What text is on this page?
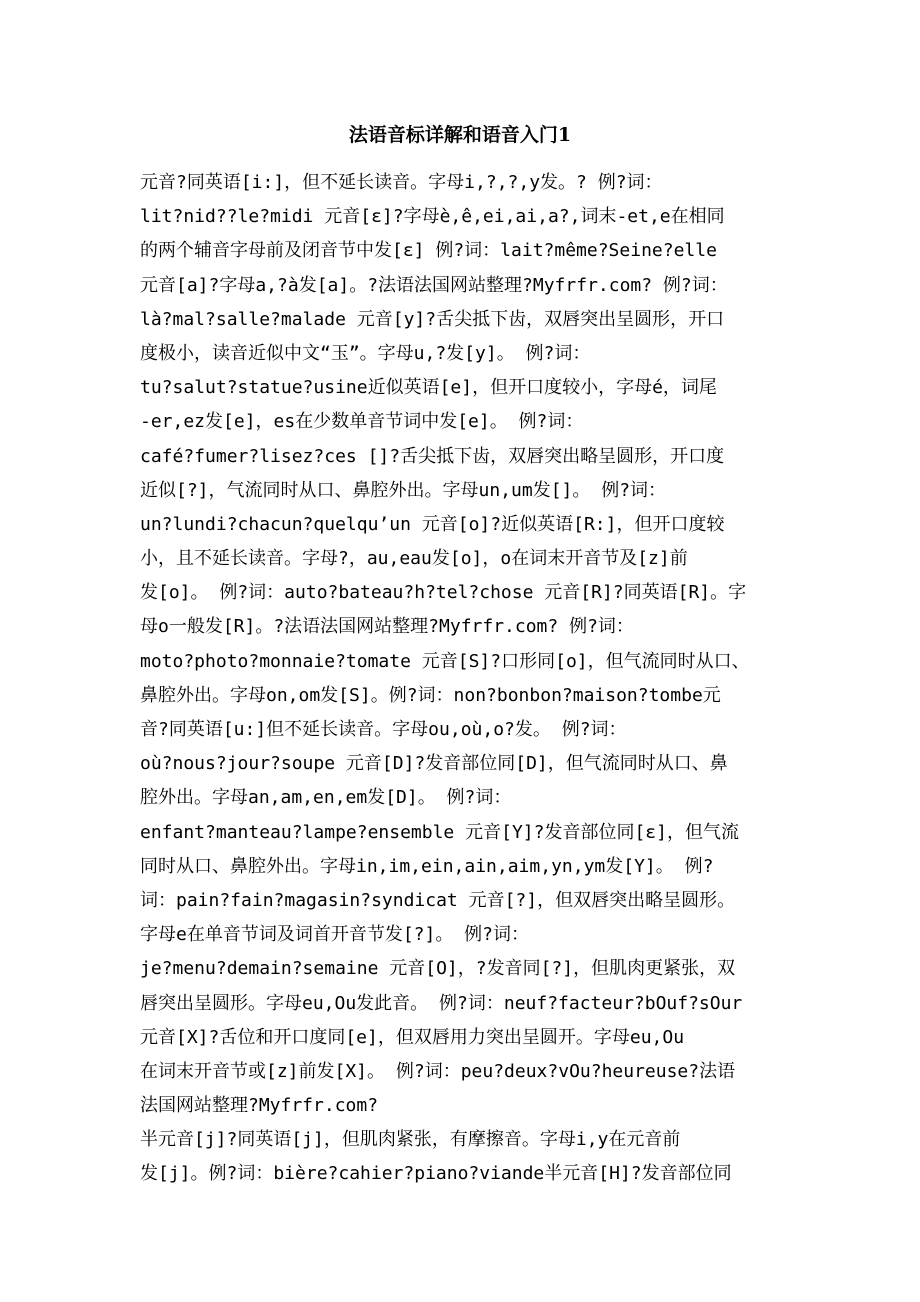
法语音标详解和语音入门1

元音?同英语[i:]，但不延长读音。字母i,?,?,y发。? 例?词：

lit?nid??le?midi 元音[ε]?字母è,ê,ei,ai,a?,词末-et,e在相同

的两个辅音字母前及闭音节中发[ε] 例?词：lait?même?Seine?elle

元音[a]?字母a,?à发[a]。?法语法国网站整理?Myfrfr.com? 例?词：

là?mal?salle?malade 元音[y]?舌尖抵下齿，双唇突出呈圆形，开口

度极小，读音近似中文“玉”。字母u,?发[y]。 例?词：

tu?salut?statue?usine近似英语[e]，但开口度较小，字母é，词尾

-er,ez发[e]，es在少数单音节词中发[e]。 例?词：

café?fumer?lisez?ces []?舌尖抵下齿，双唇突出略呈圆形，开口度

近似[?]，气流同时从口、鼻腔外出。字母un,um发[]。 例?词：

un?lundi?chacun?quelqu’un 元音[o]?近似英语[R:]，但开口度较

小，且不延长读音。字母?，au,eau发[o]，o在词末开音节及[z]前

发[o]。 例?词：auto?bateau?h?tel?chose 元音[R]?同英语[R]。字

母o一般发[R]。?法语法国网站整理?Myfrfr.com? 例?词：

moto?photo?monnaie?tomate 元音[S]?口形同[o]，但气流同时从口、

鼻腔外出。字母on,om发[S]。例?词：non?bonbon?maison?tombe元

音?同英语[u:]但不延长读音。字母ou,où,o?发。 例?词：

où?nous?jour?soupe 元音[D]?发音部位同[D]，但气流同时从口、鼻

腔外出。字母an,am,en,em发[D]。 例?词：

enfant?manteau?lampe?ensemble 元音[Y]?发音部位同[ε]，但气流

同时从口、鼻腔外出。字母in,im,ein,ain,aim,yn,ym发[Y]。 例?

词：pain?fain?magasin?syndicat 元音[?]，但双唇突出略呈圆形。

字母e在单音节词及词首开音节发[?]。 例?词：

je?menu?demain?semaine 元音[O]，?发音同[?]，但肌肉更紧张，双

唇突出呈圆形。字母eu,Ou发此音。 例?词：neuf?facteur?bOuf?sOur

元音[X]?舌位和开口度同[e]，但双唇用力突出呈圆开。字母eu,Ou

在词末开音节或[z]前发[X]。 例?词：peu?deux?vOu?heureuse?法语

法国网站整理?Myfrfr.com?

半元音[j]?同英语[j]，但肌肉紧张，有摩擦音。字母i,y在元音前

发[j]。例?词：bière?cahier?piano?viande半元音[H]?发音部位同
